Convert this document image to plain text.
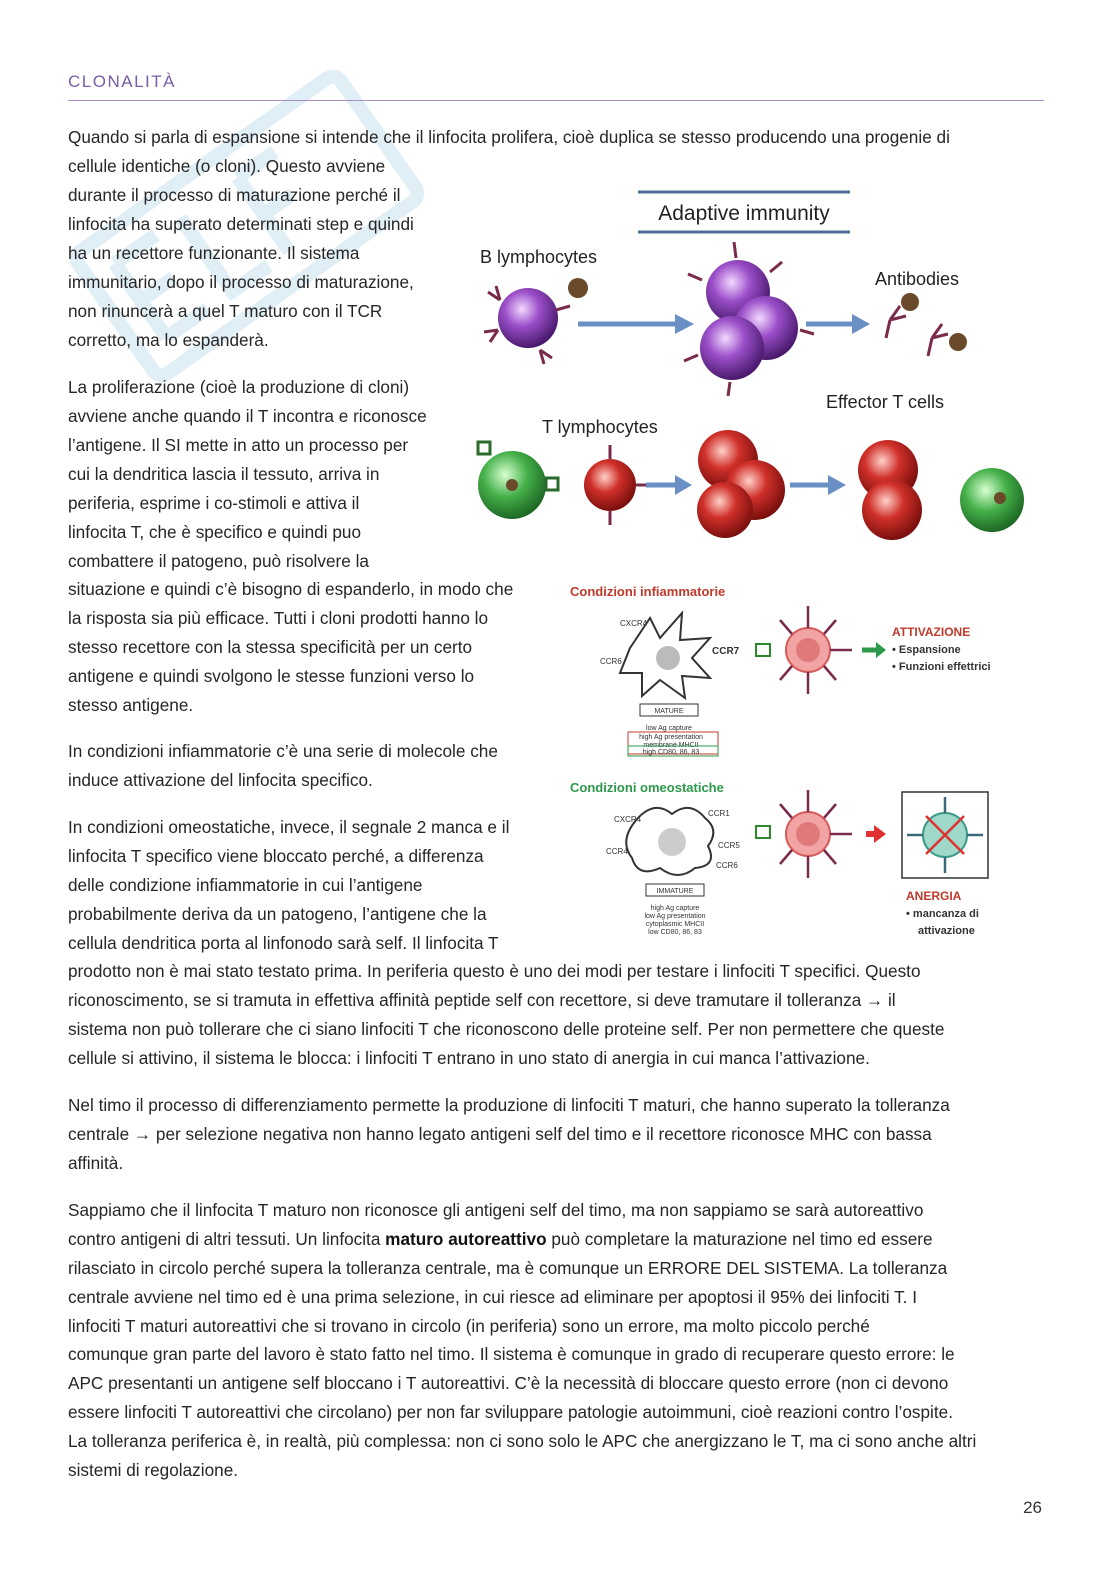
CLONALITÀ
Quando si parla di espansione si intende che il linfocita prolifera, cioè duplica se stesso producendo una progenie di
cellule identiche (o cloni). Questo avviene
durante il processo di maturazione perché il
linfocita ha superato determinati step e quindi
ha un recettore funzionante. Il sistema
immunitario, dopo il processo di maturazione,
non rinuncerà a quel T maturo con il TCR
corretto, ma lo espanderà.
La proliferazione (cioè la produzione di cloni)
avviene anche quando il T incontra e riconosce
l’antigene. Il SI mette in atto un processo per
cui la dendritica lascia il tessuto, arriva in
periferia, esprime i co-stimoli e attiva il
linfocita T, che è specifico e quindi puo
combattere il patogeno, può risolvere la
situazione e quindi c’è bisogno di espanderlo, in modo che
la risposta sia più efficace. Tutti i cloni prodotti hanno lo
stesso recettore con la stessa specificità per un certo
antigene e quindi svolgono le stesse funzioni verso lo
stesso antigene.
In condizioni infiammatorie c’è una serie di molecole che
induce attivazione del linfocita specifico.
In condizioni omeostatiche, invece, il segnale 2 manca e il
linfocita T specifico viene bloccato perché, a differenza
delle condizione infiammatorie in cui l’antigene
probabilmente deriva da un patogeno, l’antigene che la
cellula dendritica porta al linfonodo sarà self. Il linfocita T
prodotto non è mai stato testato prima. In periferia questo è uno dei modi per testare i linfociti T specifici. Questo
riconoscimento, se si tramuta in effettiva affinità peptide self con recettore, si deve tramutare il tolleranza → il
sistema non può tollerare che ci siano linfociti T che riconoscono delle proteine self. Per non permettere che queste
cellule si attivino, il sistema le blocca: i linfociti T entrano in uno stato di anergia in cui manca l’attivazione.
Nel timo il processo di differenziamento permette la produzione di linfociti T maturi, che hanno superato la tolleranza
centrale → per selezione negativa non hanno legato antigeni self del timo e il recettore riconosce MHC con bassa
affinità.
Sappiamo che il linfocita T maturo non riconosce gli antigeni self del timo, ma non sappiamo se sarà autoreattivo
contro antigeni di altri tessuti. Un linfocita maturo autoreattivo può completare la maturazione nel timo ed essere
rilasciato in circolo perché supera la tolleranza centrale, ma è comunque un ERRORE DEL SISTEMA. La tolleranza
centrale avviene nel timo ed è una prima selezione, in cui riesce ad eliminare per apoptosi il 95% dei linfociti T. I
linfociti T maturi autoreattivi che si trovano in circolo (in periferia) sono un errore, ma molto piccolo perché
comunque gran parte del lavoro è stato fatto nel timo. Il sistema è comunque in grado di recuperare questo errore: le
APC presentanti un antigene self bloccano i T autoreattivi. C’è la necessità di bloccare questo errore (non ci devono
essere linfociti T autoreattivi che circolano) per non far sviluppare patologie autoimmuni, cioè reazioni contro l’ospite.
La tolleranza periferica è, in realtà, più complessa: non ci sono solo le APC che anergizzano le T, ma ci sono anche altri
sistemi di regolazione.
Adaptive immunity
B lymphocytes
Antibodies
Effector T cells
T lymphocytes
Condizioni infiammatorie
CXCR4
CCR6
CCR7
MATURE
low Ag capture
high Ag presentation
membrane MHCII
high CD80, 86, 83
ATTIVAZIONE
• Espansione
• Funzioni effettrici
Condizioni omeostatiche
CXCR4
CCR1
CCR4
CCR5
CCR6
IMMATURE
high Ag capture
low Ag presentation
cytoplasmic MHCII
low CD80, 86, 83
ANERGIA
• mancanza di
attivazione
26
